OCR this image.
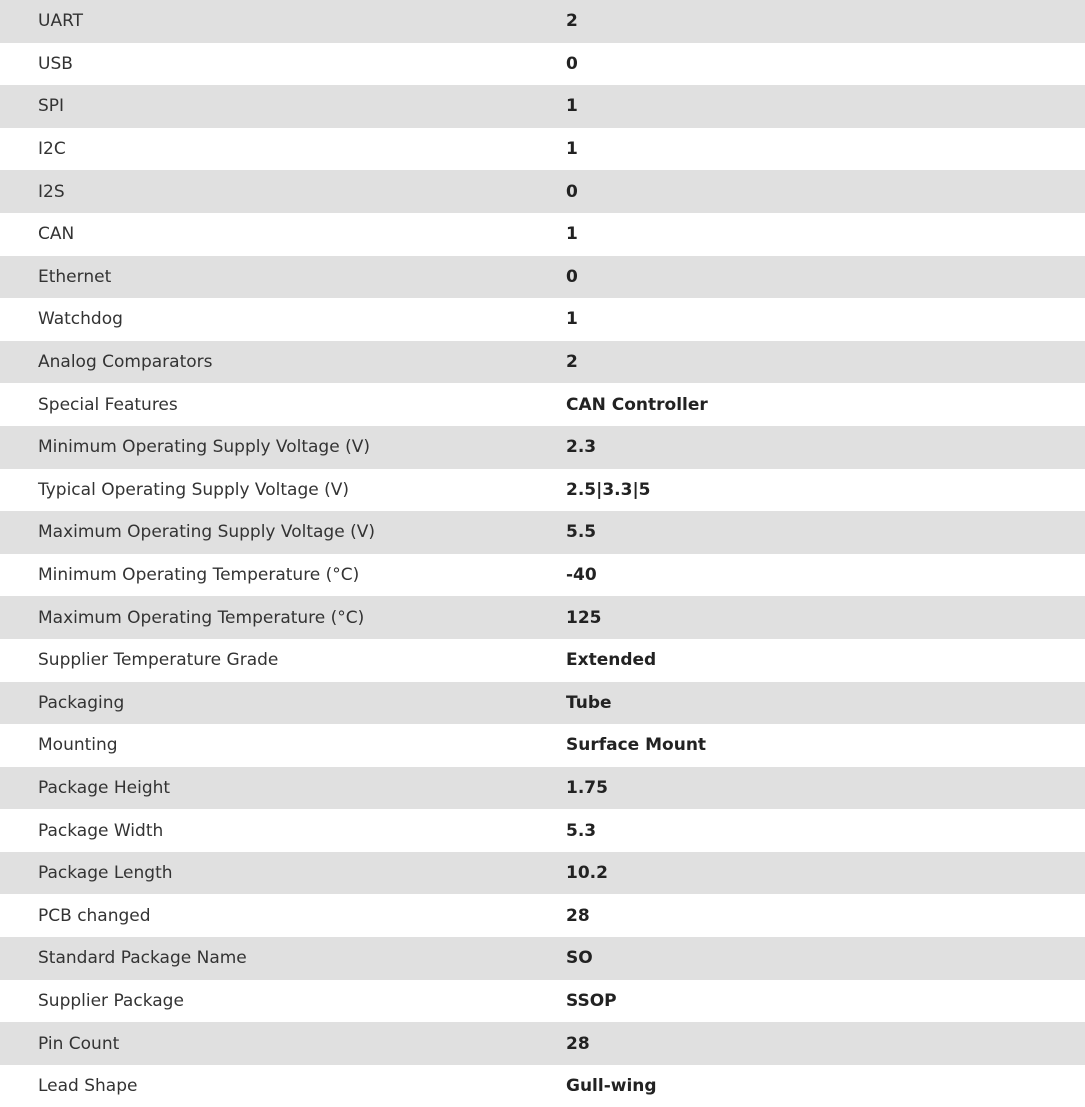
UART	2
USB	0
SPI	1
I2C	1
I2S	0
CAN	1
Ethernet	0
Watchdog	1
Analog Comparators	2
Special Features	CAN Controller
Minimum Operating Supply Voltage (V)	2.3
Typical Operating Supply Voltage (V)	2.5|3.3|5
Maximum Operating Supply Voltage (V)	5.5
Minimum Operating Temperature (°C)	-40
Maximum Operating Temperature (°C)	125
Supplier Temperature Grade	Extended
Packaging	Tube
Mounting	Surface Mount
Package Height	1.75
Package Width	5.3
Package Length	10.2
PCB changed	28
Standard Package Name	SO
Supplier Package	SSOP
Pin Count	28
Lead Shape	Gull-wing
